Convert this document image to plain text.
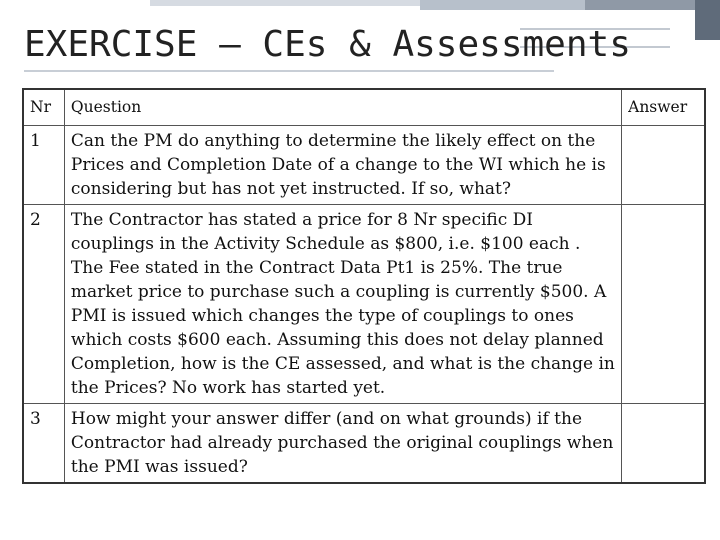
EXERCISE – CEs & Assessments
Nr	Question	Answer
1	Can the PM do anything to determine the likely effect on the Prices and Completion Date of a change to the WI which he is considering but has not yet instructed. If so, what?	
2	The Contractor has stated a price for 8 Nr specific DI couplings in the Activity Schedule as $800, i.e. $100 each . The Fee stated in the Contract Data Pt1 is 25%. The true market price to purchase such a coupling is currently $500. A PMI is issued which changes the type of couplings to ones which costs $600 each. Assuming this does not delay planned Completion, how is the CE assessed, and what is the change in the Prices? No work has started yet.	
3	How might your answer differ (and on what grounds) if the Contractor had already purchased the original couplings when the PMI was issued?	
